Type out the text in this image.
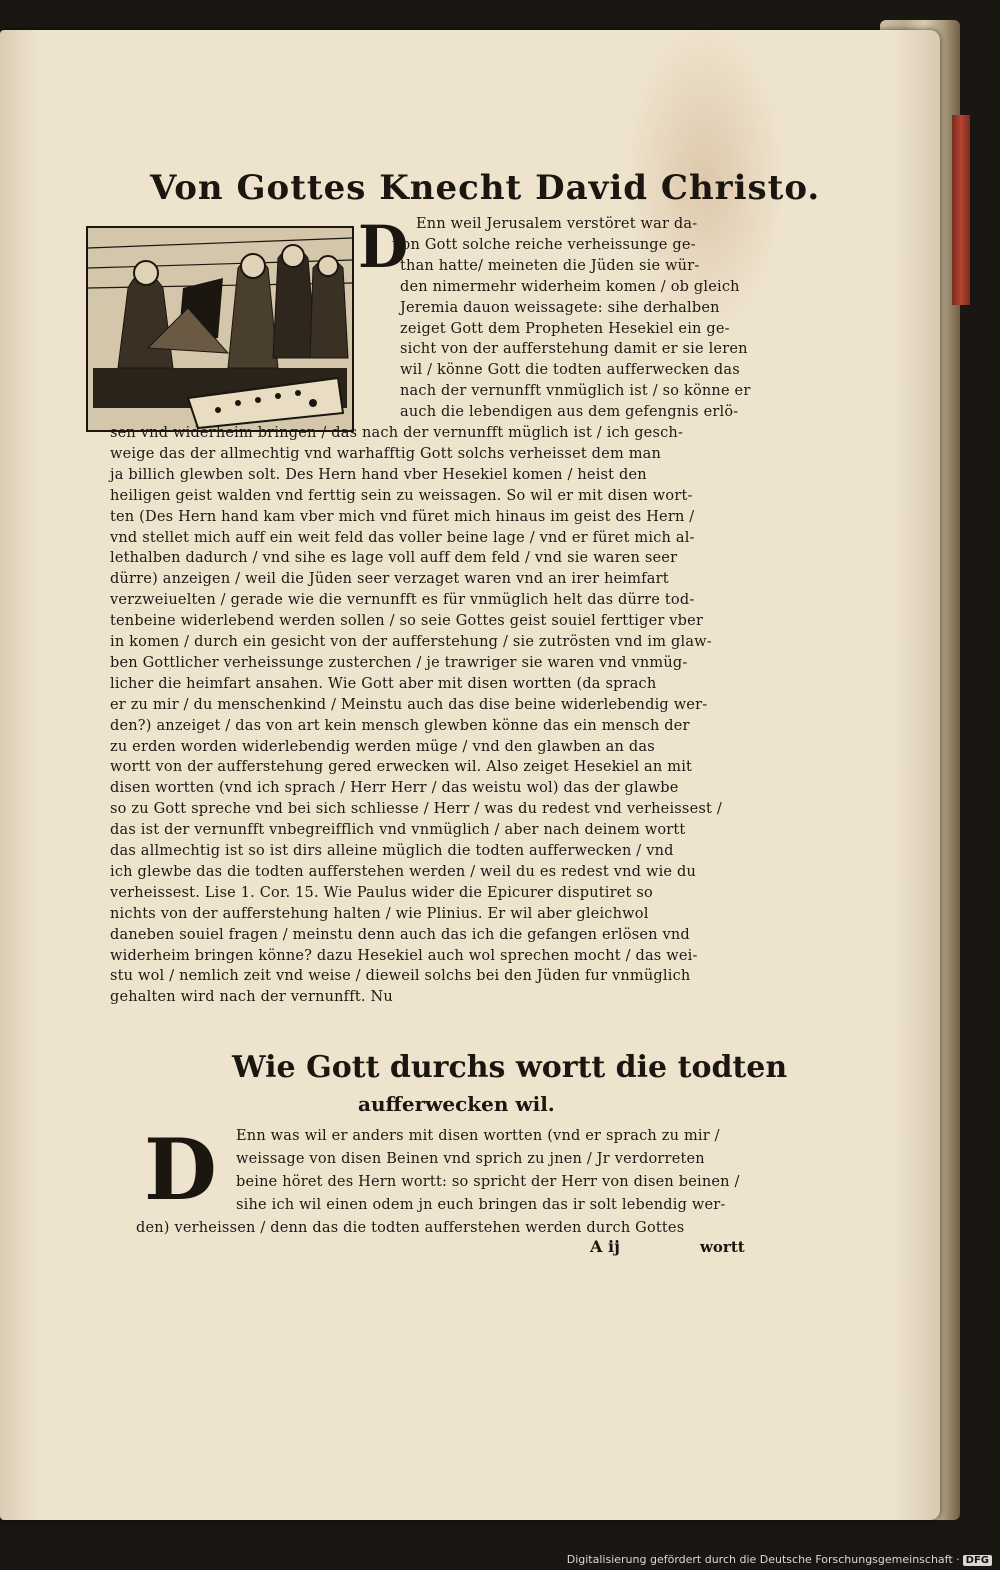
Von Gottes Knecht David Christo.
D Enn weil Jerusalem verstöret war da-
uon Gott solche reiche verheissunge ge-
than hatte/ meineten die Jüden sie wür-
den nimermehr widerheim komen / ob gleich
Jeremia dauon weissagete: sihe derhalben
zeiget Gott dem Propheten Hesekiel ein ge-
sicht von der aufferstehung damit er sie leren
wil / könne Gott die todten aufferwecken das
nach der vernunfft vnmüglich ist / so könne er
auch die lebendigen aus dem gefengnis erlö-
sen vnd widerheim bringen / das nach der vernunfft müglich ist / ich gesch-
weige das der allmechtig vnd warhafftig Gott solchs verheisset dem man
ja billich glewben solt. Des Hern hand vber Hesekiel komen / heist den
heiligen geist walden vnd ferttig sein zu weissagen. So wil er mit disen wort-
ten (Des Hern hand kam vber mich vnd füret mich hinaus im geist des Hern /
vnd stellet mich auff ein weit feld das voller beine lage / vnd er füret mich al-
lethalben dadurch / vnd sihe es lage voll auff dem feld / vnd sie waren seer
dürre) anzeigen / weil die Jüden seer verzaget waren vnd an irer heimfart
verzweiuelten / gerade wie die vernunfft es für vnmüglich helt das dürre tod-
tenbeine widerlebend werden sollen / so seie Gottes geist souiel ferttiger vber
in komen / durch ein gesicht von der aufferstehung / sie zutrösten vnd im glaw-
ben Gottlicher verheissunge zusterchen / je trawriger sie waren vnd vnmüg-
licher die heimfart ansahen. Wie Gott aber mit disen wortten (da sprach
er zu mir / du menschenkind / Meinstu auch das dise beine widerlebendig wer-
den?) anzeiget / das von art kein mensch glewben könne das ein mensch der
zu erden worden widerlebendig werden müge / vnd den glawben an das
wortt von der aufferstehung gered erwecken wil. Also zeiget Hesekiel an mit
disen wortten (vnd ich sprach / Herr Herr / das weistu wol) das der glawbe
so zu Gott spreche vnd bei sich schliesse / Herr / was du redest vnd verheissest /
das ist der vernunfft vnbegreifflich vnd vnmüglich / aber nach deinem wortt
das allmechtig ist so ist dirs alleine müglich die todten aufferwecken / vnd
ich glewbe das die todten aufferstehen werden / weil du es redest vnd wie du
verheissest. Lise 1. Cor. 15. Wie Paulus wider die Epicurer disputiret so
nichts von der aufferstehung halten / wie Plinius. Er wil aber gleichwol
daneben souiel fragen / meinstu denn auch das ich die gefangen erlösen vnd
widerheim bringen könne? dazu Hesekiel auch wol sprechen mocht / das wei-
stu wol / nemlich zeit vnd weise / dieweil solchs bei den Jüden fur vnmüglich
gehalten wird nach der vernunfft. Nu
Wie Gott durchs wortt die todten
aufferwecken wil.
D Enn was wil er anders mit disen wortten (vnd er sprach zu mir /
weissage von disen Beinen vnd sprich zu jnen / Jr verdorreten
beine höret des Hern wortt: so spricht der Herr von disen beinen /
sihe ich wil einen odem jn euch bringen das ir solt lebendig wer-
den) verheissen / denn das die todten aufferstehen werden durch Gottes
A ij	wortt
Digitalisierung gefördert durch die Deutsche Forschungsgemeinschaft · DFG
